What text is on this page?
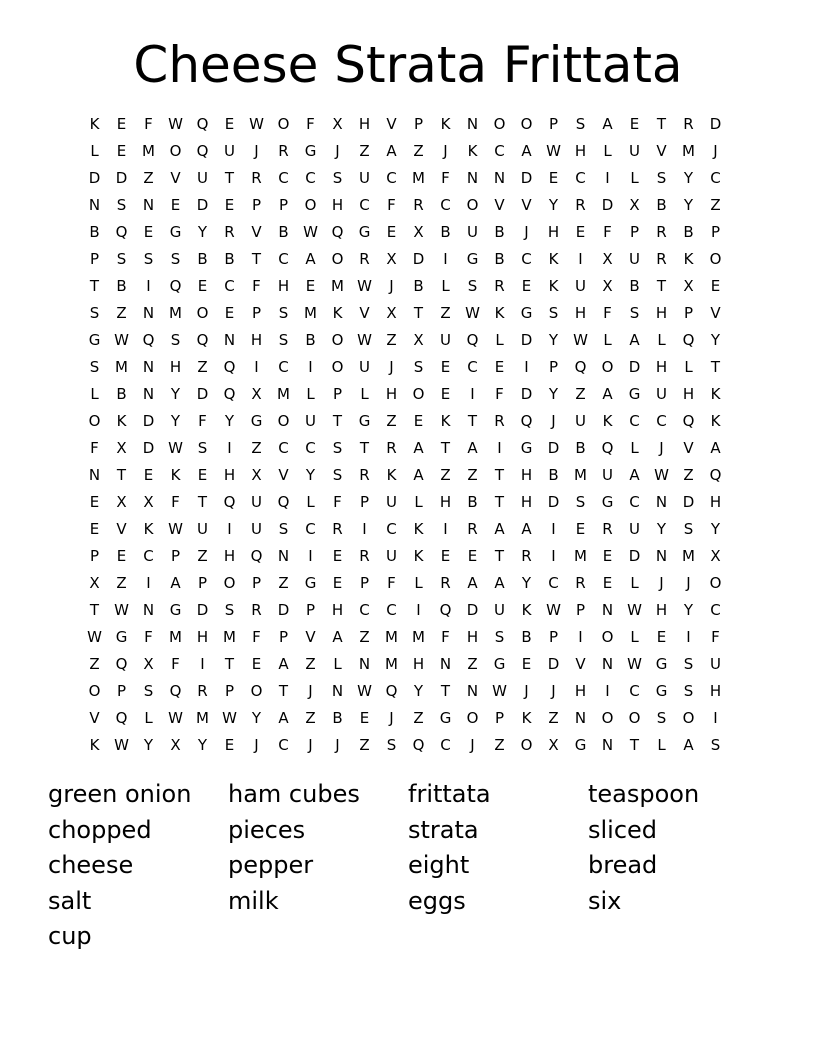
Cheese Strata Frittata
K	E	F	W Q	E W O	F	X	H	V	P	K	N	O	O	P	S	A	E	T	R	D
L	E	M O	Q	U	J	R	G	J	Z	A	Z	J	K	C	A W H	L	U	V	M	J
D	D	Z	V	U	T	R	C	C	S	U	C	M	F	N	N	D	E	C	I	L	S	Y	C
N	S	N	E	D	E	P	P	O	H	C	F	R	C	O	V	V	Y	R	D	X	B	Y	Z
B	Q	E	G	Y	R	V	B W Q	G	E	X	B	U	B	J	H	E	F	P	R	B	P
P	S	S	S	B	B	T	C	A	O	R	X	D	I	G	B	C	K	I	X	U	R	K	O
T	B	I	Q	E	C	F	H	E	M W	J	B	L	S	R	E	K	U	X	B	T	X	E
S	Z	N M O	E	P	S	M	K	V	X	T	Z W K	G	S	H	F	S	H	P	V
G W Q	S	Q	N	H	S	B	O W Z	X	U	Q	L	D	Y	W	L	A	L	Q	Y
S	M N	H	Z	Q	I	C	I	O	U	J	S	E	C	E	I	P	Q	O	D	H	L	T
L	B	N	Y	D	Q	X	M	L	P	L	H	O	E	I	F	D	Y	Z	A	G	U	H	K
O	K	D	Y	F	Y	G	O	U	T	G	Z	E	K	T	R	Q	J	U	K	C	C	Q	K
F	X	D W S	I	Z	C	C	S	T	R	A	T	A	I	G	D	B	Q	L	J	V	A
N	T	E	K	E	H	X	V	Y	S	R	K	A	Z	Z	T	H	B	M	U	A W Z	Q
E	X	X	F	T	Q	U	Q	L	F	P	U	L	H	B	T	H	D	S	G	C	N	D	H
E	V	K W U	I	U	S	C	R	I	C	K	I	R	A	A	I	E	R	U	Y	S	Y
P	E	C	P	Z	H	Q	N	I	E	R	U	K	E	E	T	R	I	M	E	D	N M	X
X	Z	I	A	P	O	P	Z	G	E	P	F	L	R	A	A	Y	C	R	E	L	J	J	O
T	W N	G	D	S	R	D	P	H	C	C	I	Q	D	U	K W	P	N W H	Y	C
W G	F	M H M	F	P	V	A	Z	M M	F	H	S	B	P	I	O	L	E	I	F
Z	Q	X	F	I	T	E	A	Z	L	N M H	N	Z	G	E	D	V	N W G	S	U
O	P	S	Q	R	P	O	T	J	N W Q	Y	T	N W	J	J	H	I	C	G	S	H
V	Q	L	W M W Y	A	Z	B	E	J	Z	G	O	P	K	Z	N	O	O	S	O	I
K W Y	X	Y	E	J	C	J	J	Z	S	Q	C	J	Z	O	X	G	N	T	L	A	S
green onion	ham cubes	frittata	teaspoon
chopped	pieces	strata	sliced
cheese	pepper	eight	bread
salt	milk	eggs	six
cup
